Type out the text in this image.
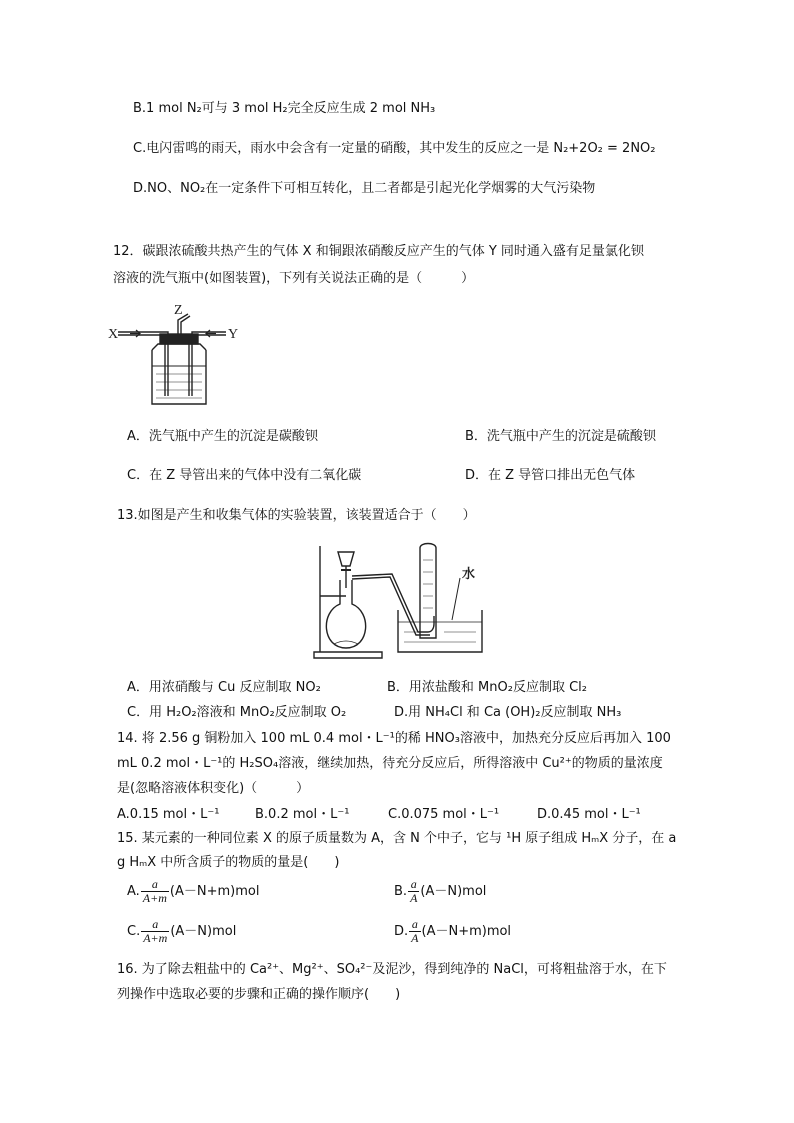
B.1 mol N₂可与 3 mol H₂完全反应生成 2 mol NH₃
C.电闪雷鸣的雨天，雨水中会含有一定量的硝酸，其中发生的反应之一是 N₂+2O₂ = 2NO₂
D.NO、NO₂在一定条件下可相互转化，且二者都是引起光化学烟雾的大气污染物
12．碳跟浓硫酸共热产生的气体 X 和铜跟浓硝酸反应产生的气体 Y 同时通入盛有足量氯化钡
溶液的洗气瓶中(如图装置)，下列有关说法正确的是（　　　）
X	Y
Z
A．洗气瓶中产生的沉淀是碳酸钡	B．洗气瓶中产生的沉淀是硫酸钡
C．在 Z 导管出来的气体中没有二氧化碳	D．在 Z 导管口排出无色气体
13.如图是产生和收集气体的实验装置，该装置适合于（　　）
水
A．用浓硝酸与 Cu 反应制取 NO₂	B．用浓盐酸和 MnO₂反应制取 Cl₂
C．用 H₂O₂溶液和 MnO₂反应制取 O₂	D.用 NH₄Cl 和 Ca (OH)₂反应制取 NH₃
14. 将 2.56 g 铜粉加入 100 mL 0.4 mol・L⁻¹的稀 HNO₃溶液中，加热充分反应后再加入 100
mL 0.2 mol・L⁻¹的 H₂SO₄溶液，继续加热，待充分反应后，所得溶液中 Cu²⁺的物质的量浓度
是(忽略溶液体积变化)（　　　）
A.0.15 mol・L⁻¹	B.0.2 mol・L⁻¹	C.0.075 mol・L⁻¹	D.0.45 mol・L⁻¹
15. 某元素的一种同位素 X 的原子质量数为 A，含 N 个中子，它与 ¹H 原子组成 HₘX 分子，在 a
g HₘX 中所含质子的物质的量是(　　)
A. $\frac{a}{A+m} (A-N+m)mol$	B. $\frac{a}{A} (A-N)mol$
C. $\frac{a}{A+m} (A-N)mol$	D. $\frac{a}{A} (A-N+m)mol$
16. 为了除去粗盐中的 Ca²⁺、Mg²⁺、SO₄²⁻及泥沙，得到纯净的 NaCl，可将粗盐溶于水，在下
列操作中选取必要的步骤和正确的操作顺序(　　)
